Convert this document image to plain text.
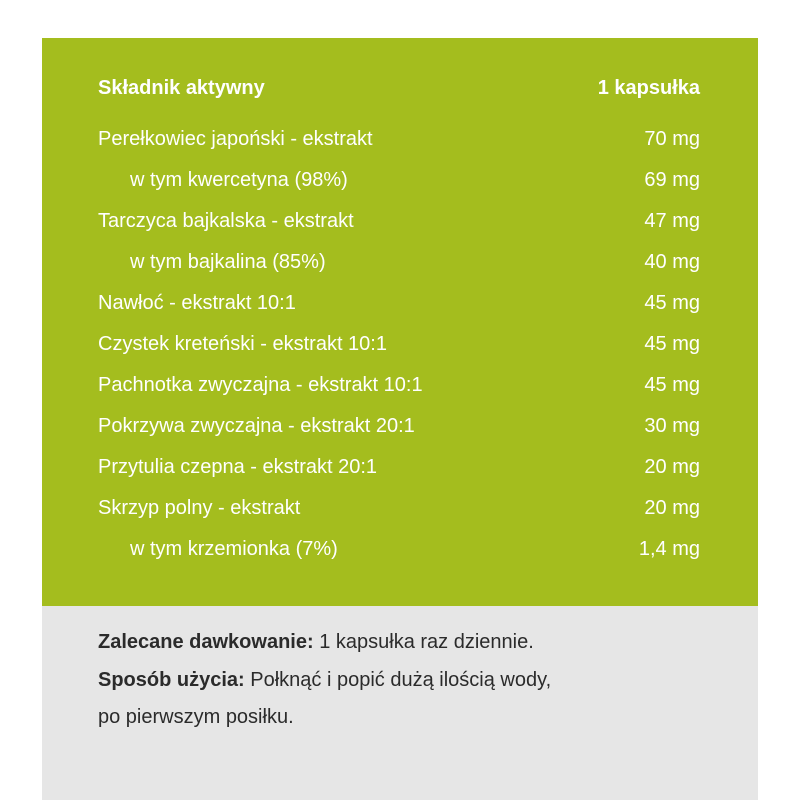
Składnik aktywny	1 kapsułka
Perełkowiec japoński - ekstrakt	70 mg
w tym kwercetyna (98%)	69 mg
Tarczyca bajkalska - ekstrakt	47 mg
w tym bajkalina (85%)	40 mg
Nawłoć - ekstrakt 10:1	45 mg
Czystek kreteński - ekstrakt 10:1	45 mg
Pachnotka zwyczajna - ekstrakt 10:1	45 mg
Pokrzywa zwyczajna - ekstrakt 20:1	30 mg
Przytulia czepna - ekstrakt 20:1	20 mg
Skrzyp polny - ekstrakt	20 mg
w tym krzemionka (7%)	1,4 mg
Zalecane dawkowanie: 1 kapsułka raz dziennie.
Sposób użycia: Połknąć i popić dużą ilością wody,
po pierwszym posiłku.
